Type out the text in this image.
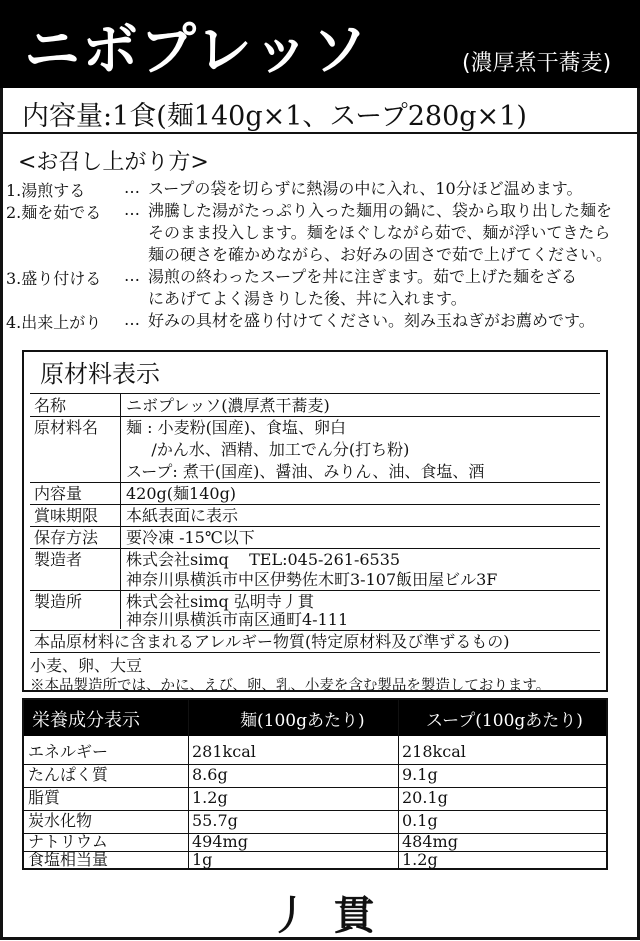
ニボプレッソ	(濃厚煮干蕎麦)
内容量:1食(麺140g×1、スープ280g×1)
<お召し上がり方>
1.湯煎する … スープの袋を切らずに熱湯の中に入れ、10分ほど温めます。
2.麺を茹でる … 沸騰した湯がたっぷり入った麺用の鍋に、袋から取り出した麺を
そのまま投入します。麺をほぐしながら茹で、麺が浮いてきたら
麺の硬さを確かめながら、お好みの固さで茹で上げてください。
3.盛り付ける … 湯煎の終わったスープを丼に注ぎます。茹で上げた麺をざる
にあげてよく湯きりした後、丼に入れます。
4.出来上がり … 好みの具材を盛り付けてください。刻み玉ねぎがお薦めです。
原材料表示
名称	ニボプレッソ(濃厚煮干蕎麦)
原材料名 麺 : 小麦粉(国産)、食塩、卵白
/かん水、酒精、加工でん分(打ち粉)
スープ: 煮干(国産)、醤油、みりん、油、食塩、酒
内容量	420g(麺140g)
賞味期限 本紙表面に表示
保存方法 要冷凍 -15℃以下
製造者	株式会社simq    TEL:045-261-6535
神奈川県横浜市中区伊勢佐木町3-107飯田屋ビル3F
製造所	株式会社simq 弘明寺丿貫
神奈川県横浜市南区通町4-111
本品原材料に含まれるアレルギー物質(特定原材料及び準ずるもの)
小麦、卵、大豆
※本品製造所では、かに、えび、卵、乳、小麦を含む製品を製造しております。
栄養成分表示	麺(100gあたり)	スープ(100gあたり)
エネルギー	281kcal	218kcal
たんぱく質	8.6g	9.1g
脂質	1.2g	20.1g
炭水化物	55.7g	0.1g
ナトリウム	494mg	484mg
食塩相当量	1g	1.2g
丿貫
